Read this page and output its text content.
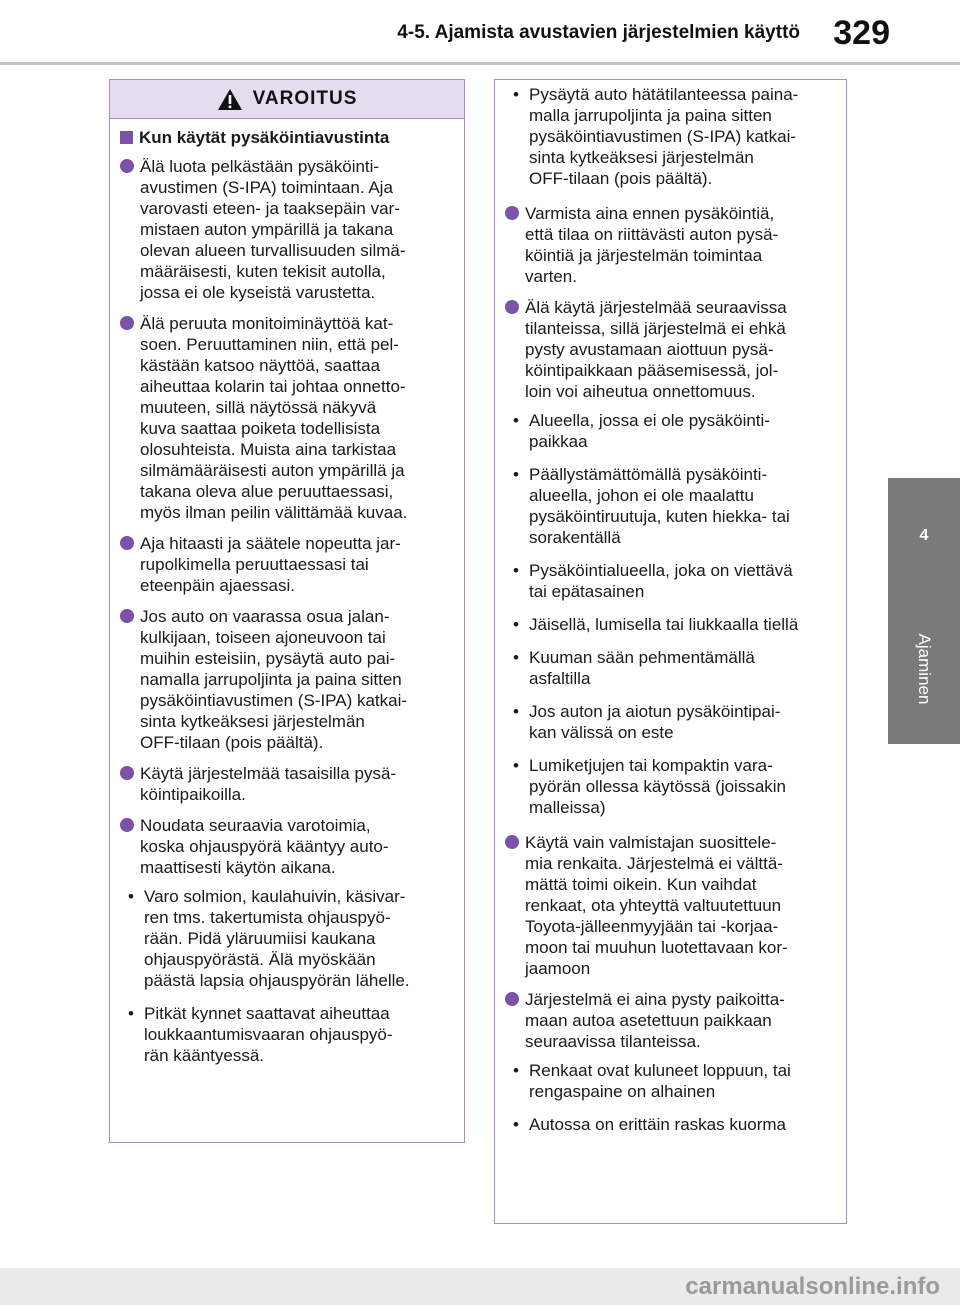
4-5. Ajamista avustavien järjestelmien käyttö 329
4
Ajaminen
VAROITUS
Kun käytät pysäköintiavustinta
Älä luota pelkästään pysäköinti-
avustimen (S-IPA) toimintaan. Aja
varovasti eteen- ja taaksepäin var-
mistaen auton ympärillä ja takana
olevan alueen turvallisuuden silmä-
määräisesti, kuten tekisit autolla,
jossa ei ole kyseistä varustetta.
Älä peruuta monitoiminäyttöä kat-
soen. Peruuttaminen niin, että pel-
kästään katsoo näyttöä, saattaa
aiheuttaa kolarin tai johtaa onnetto-
muuteen, sillä näytössä näkyvä
kuva saattaa poiketa todellisista
olosuhteista. Muista aina tarkistaa
silmämääräisesti auton ympärillä ja
takana oleva alue peruuttaessasi,
myös ilman peilin välittämää kuvaa.
Aja hitaasti ja säätele nopeutta jar-
rupolkimella peruuttaessasi tai
eteenpäin ajaessasi.
Jos auto on vaarassa osua jalan-
kulkijaan, toiseen ajoneuvoon tai
muihin esteisiin, pysäytä auto pai-
namalla jarrupoljinta ja paina sitten
pysäköintiavustimen (S-IPA) katkai-
sinta kytkeäksesi järjestelmän
OFF-tilaan (pois päältä).
Käytä järjestelmää tasaisilla pysä-
köintipaikoilla.
Noudata seuraavia varotoimia,
koska ohjauspyörä kääntyy auto-
maattisesti käytön aikana.
• Varo solmion, kaulahuivin, käsivar-
ren tms. takertumista ohjauspyö-
rään. Pidä yläruumiisi kaukana
ohjauspyörästä. Älä myöskään
päästä lapsia ohjauspyörän lähelle.
• Pitkät kynnet saattavat aiheuttaa
loukkaantumisvaaran ohjauspyö-
rän kääntyessä.
• Pysäytä auto hätätilanteessa paina-
malla jarrupoljinta ja paina sitten
pysäköintiavustimen (S-IPA) katkai-
sinta kytkeäksesi järjestelmän
OFF-tilaan (pois päältä).
Varmista aina ennen pysäköintiä,
että tilaa on riittävästi auton pysä-
köintiä ja järjestelmän toimintaa
varten.
Älä käytä järjestelmää seuraavissa
tilanteissa, sillä järjestelmä ei ehkä
pysty avustamaan aiottuun pysä-
köintipaikkaan pääsemisessä, jol-
loin voi aiheutua onnettomuus.
• Alueella, jossa ei ole pysäköinti-
paikkaa
• Päällystämättömällä pysäköinti-
alueella, johon ei ole maalattu
pysäköintiruutuja, kuten hiekka- tai
sorakentällä
• Pysäköintialueella, joka on viettävä
tai epätasainen
• Jäisellä, lumisella tai liukkaalla tiellä
• Kuuman sään pehmentämällä
asfaltilla
• Jos auton ja aiotun pysäköintipai-
kan välissä on este
• Lumiketjujen tai kompaktin vara-
pyörän ollessa käytössä (joissakin
malleissa)
Käytä vain valmistajan suosittele-
mia renkaita. Järjestelmä ei välttä-
mättä toimi oikein. Kun vaihdat
renkaat, ota yhteyttä valtuutettuun
Toyota-jälleenmyyjään tai -korjaa-
moon tai muuhun luotettavaan kor-
jaamoon
Järjestelmä ei aina pysty paikoitta-
maan autoa asetettuun paikkaan
seuraavissa tilanteissa.
• Renkaat ovat kuluneet loppuun, tai
rengaspaine on alhainen
• Autossa on erittäin raskas kuorma
carmanualsonline.info
